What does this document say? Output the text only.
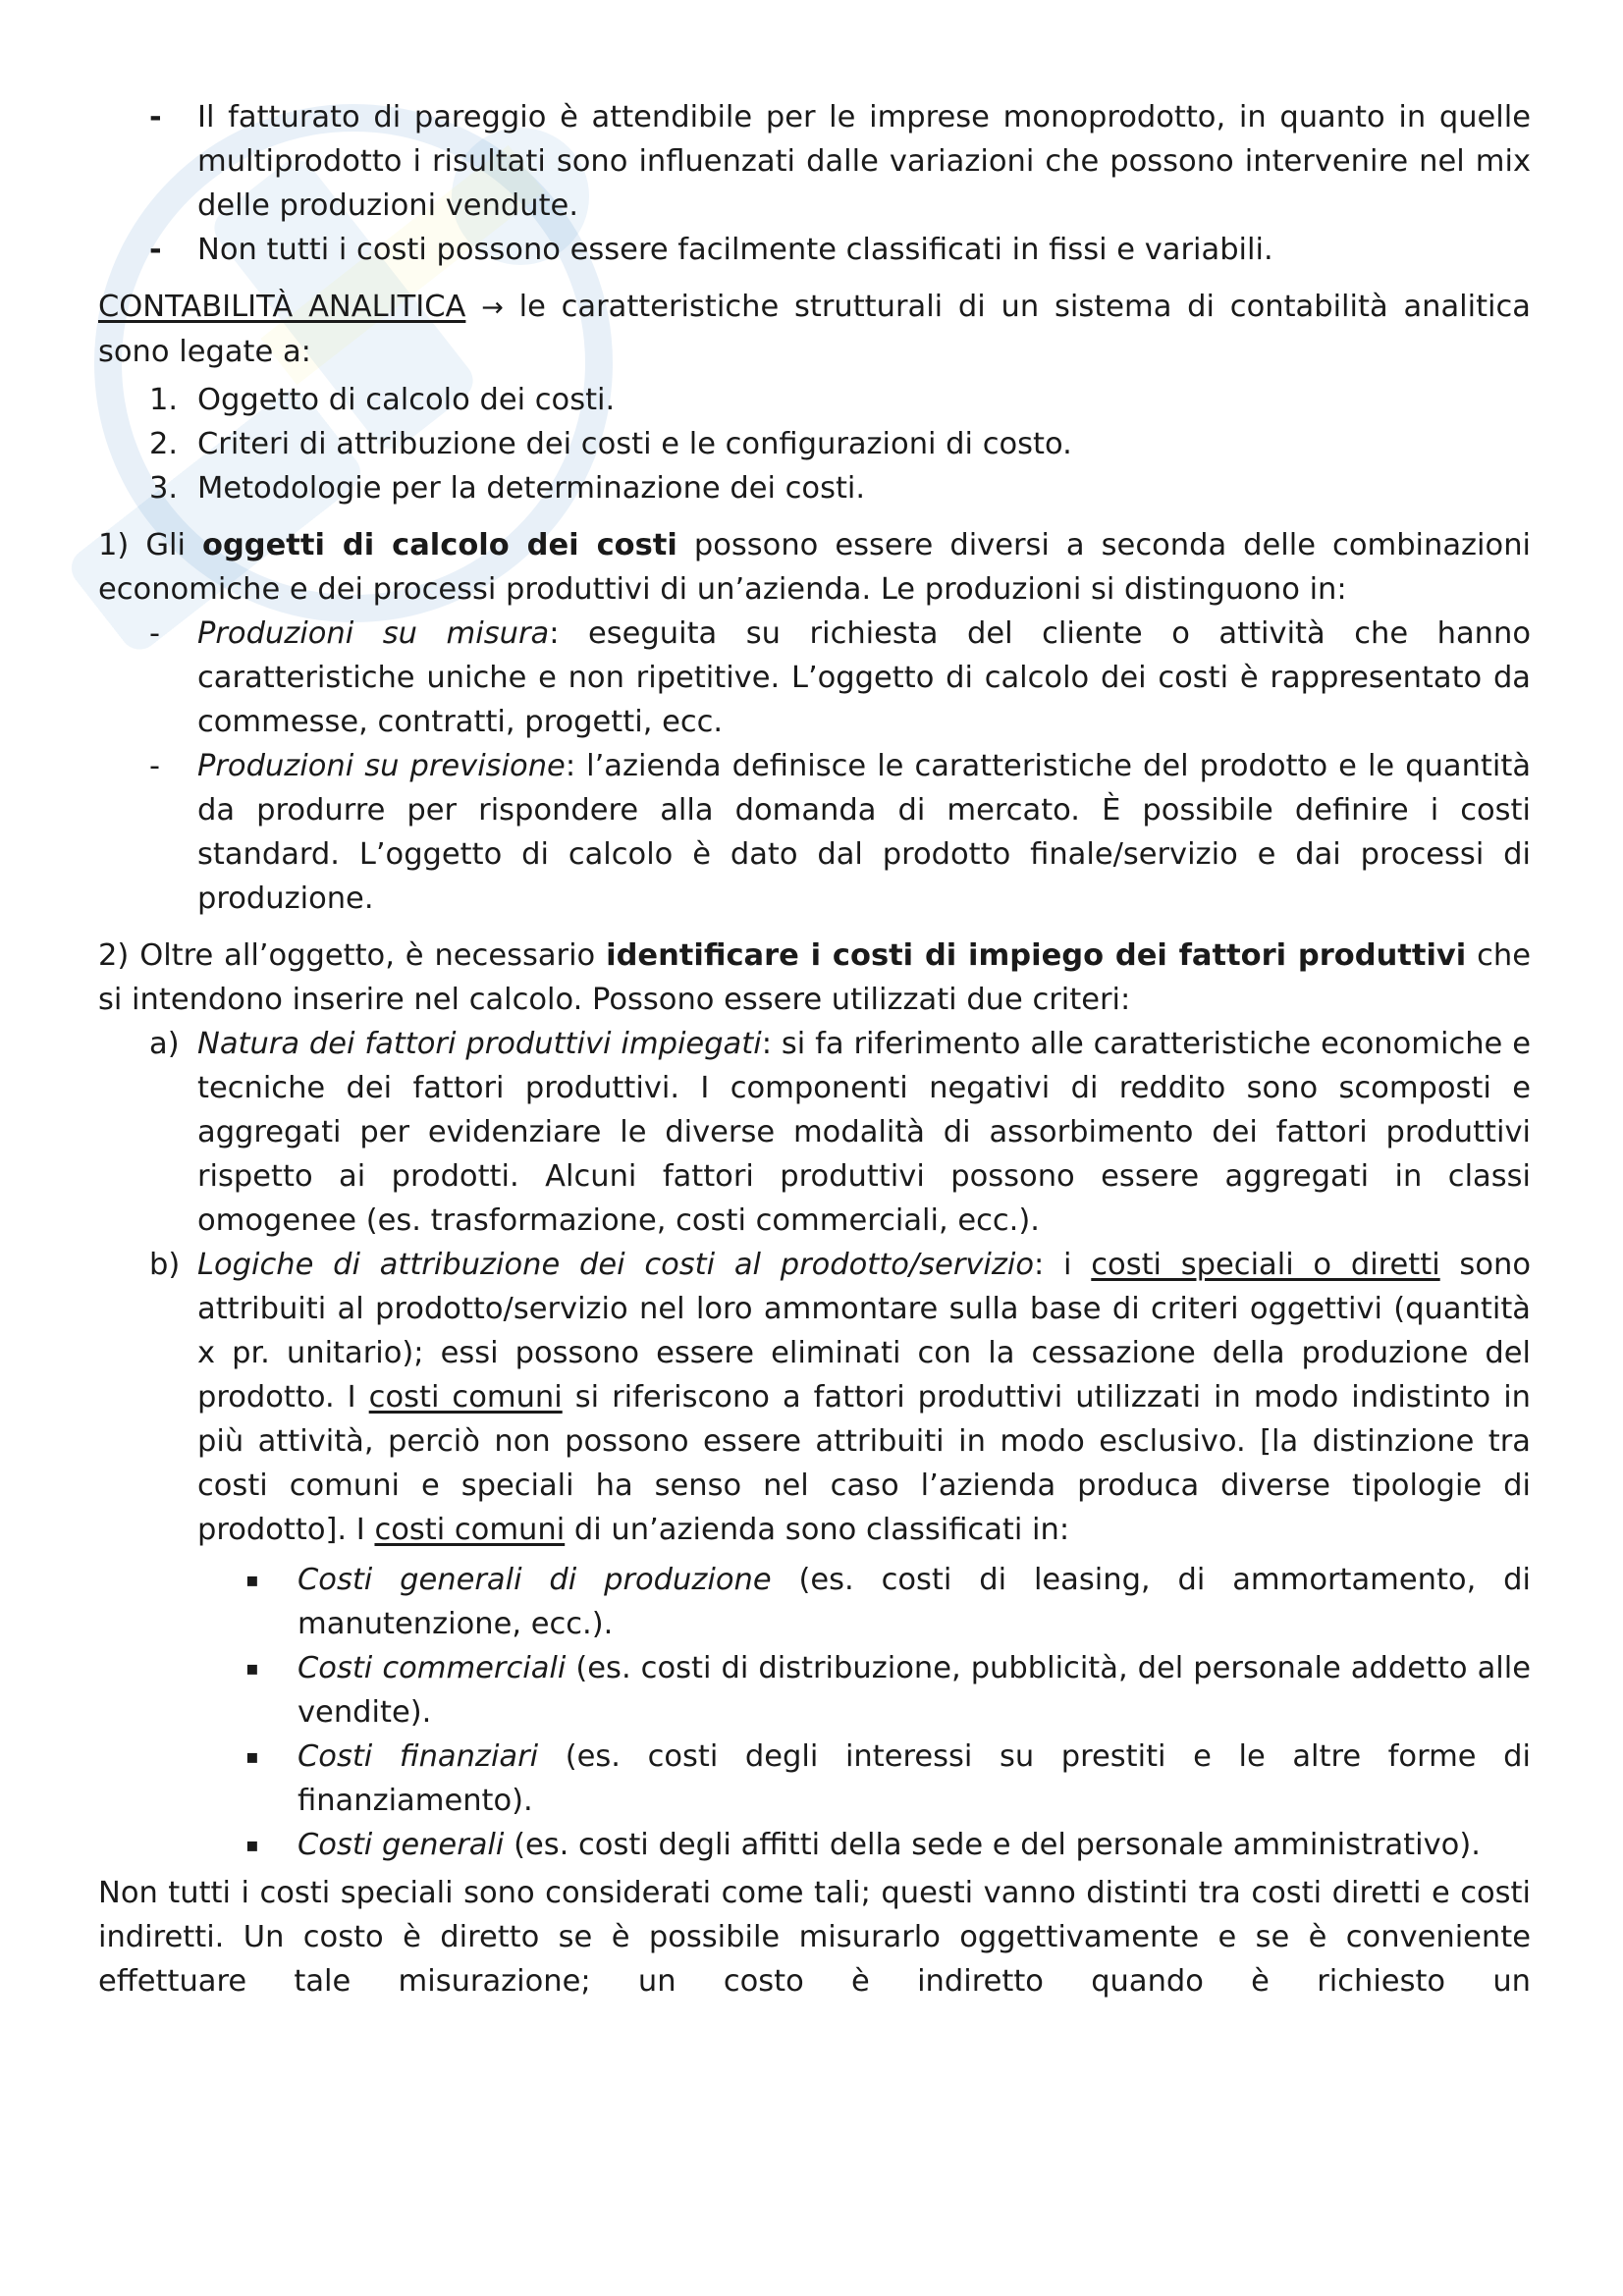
-	Il fatturato di pareggio è attendibile per le imprese monoprodotto, in quanto in quelle multiprodotto i risultati sono influenzati dalle variazioni che possono intervenire nel mix delle produzioni vendute.
-	Non tutti i costi possono essere facilmente classificati in fissi e variabili.

CONTABILITÀ ANALITICA → le caratteristiche strutturali di un sistema di contabilità analitica sono legate a:

1. Oggetto di calcolo dei costi.
2. Criteri di attribuzione dei costi e le configurazioni di costo.
3. Metodologie per la determinazione dei costi.

1) Gli oggetti di calcolo dei costi possono essere diversi a seconda delle combinazioni economiche e dei processi produttivi di un’azienda. Le produzioni si distinguono in:

-	Produzioni su misura: eseguita su richiesta del cliente o attività che hanno caratteristiche uniche e non ripetitive. L’oggetto di calcolo dei costi è rappresentato da commesse, contratti, progetti, ecc.
-	Produzioni su previsione: l’azienda definisce le caratteristiche del prodotto e le quantità da produrre per rispondere alla domanda di mercato. È possibile definire i costi standard. L’oggetto di calcolo è dato dal prodotto finale/servizio e dai processi di produzione.

2) Oltre all’oggetto, è necessario identificare i costi di impiego dei fattori produttivi che si intendono inserire nel calcolo. Possono essere utilizzati due criteri:

a) Natura dei fattori produttivi impiegati: si fa riferimento alle caratteristiche economiche e tecniche dei fattori produttivi. I componenti negativi di reddito sono scomposti e aggregati per evidenziare le diverse modalità di assorbimento dei fattori produttivi rispetto ai prodotti. Alcuni fattori produttivi possono essere aggregati in classi omogenee (es. trasformazione, costi commerciali, ecc.).
b) Logiche di attribuzione dei costi al prodotto/servizio: i costi speciali o diretti sono attribuiti al prodotto/servizio nel loro ammontare sulla base di criteri oggettivi (quantità x pr. unitario); essi possono essere eliminati con la cessazione della produzione del prodotto. I costi comuni si riferiscono a fattori produttivi utilizzati in modo indistinto in più attività, perciò non possono essere attribuiti in modo esclusivo. [la distinzione tra costi comuni e speciali ha senso nel caso l’azienda produca diverse tipologie di prodotto]. I costi comuni di un’azienda sono classificati in:
▪	Costi generali di produzione (es. costi di leasing, di ammortamento, di manutenzione, ecc.).
▪	Costi commerciali (es. costi di distribuzione, pubblicità, del personale addetto alle vendite).
▪	Costi finanziari (es. costi degli interessi su prestiti e le altre forme di finanziamento).
▪	Costi generali (es. costi degli affitti della sede e del personale amministrativo).

Non tutti i costi speciali sono considerati come tali; questi vanno distinti tra costi diretti e costi indiretti. Un costo è diretto se è possibile misurarlo oggettivamente e se è conveniente effettuare tale misurazione; un costo è indiretto quando è richiesto un
